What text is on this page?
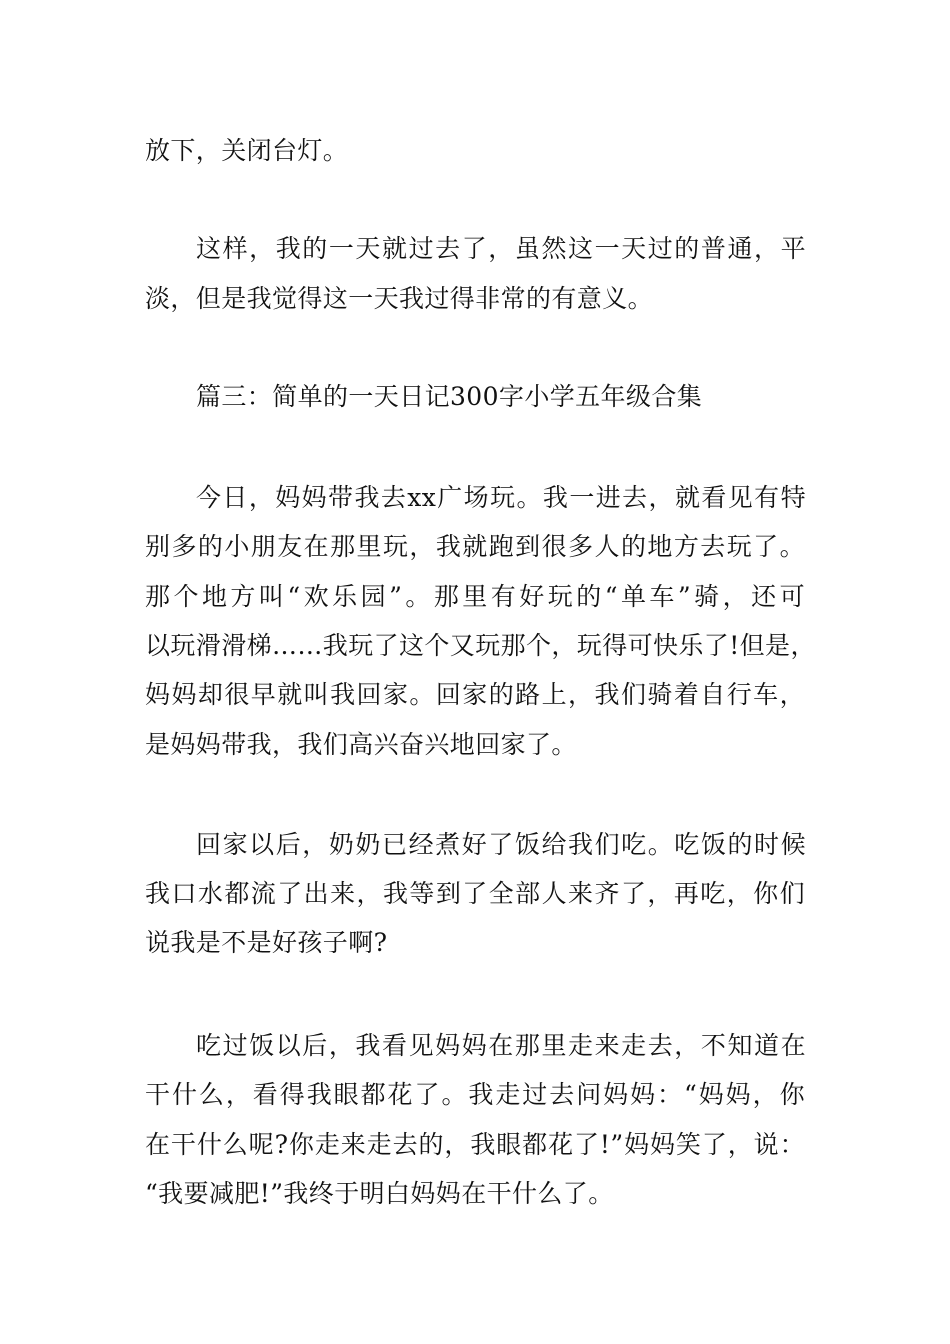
放下，关闭台灯。
这样，我的一天就过去了，虽然这一天过的普通，平
淡，但是我觉得这一天我过得非常的有意义。
篇三：简单的一天日记300字小学五年级合集
今日，妈妈带我去xx广场玩。我一进去，就看见有特
别多的小朋友在那里玩，我就跑到很多人的地方去玩了。
那个地方叫“欢乐园”。那里有好玩的“单车”骑，还可
以玩滑滑梯……我玩了这个又玩那个，玩得可快乐了!但是，
妈妈却很早就叫我回家。回家的路上，我们骑着自行车，
是妈妈带我，我们高兴奋兴地回家了。
回家以后，奶奶已经煮好了饭给我们吃。吃饭的时候
我口水都流了出来，我等到了全部人来齐了，再吃，你们
说我是不是好孩子啊?
吃过饭以后，我看见妈妈在那里走来走去，不知道在
干什么，看得我眼都花了。我走过去问妈妈：“妈妈，你
在干什么呢?你走来走去的，我眼都花了!”妈妈笑了，说：
“我要减肥!”我终于明白妈妈在干什么了。
